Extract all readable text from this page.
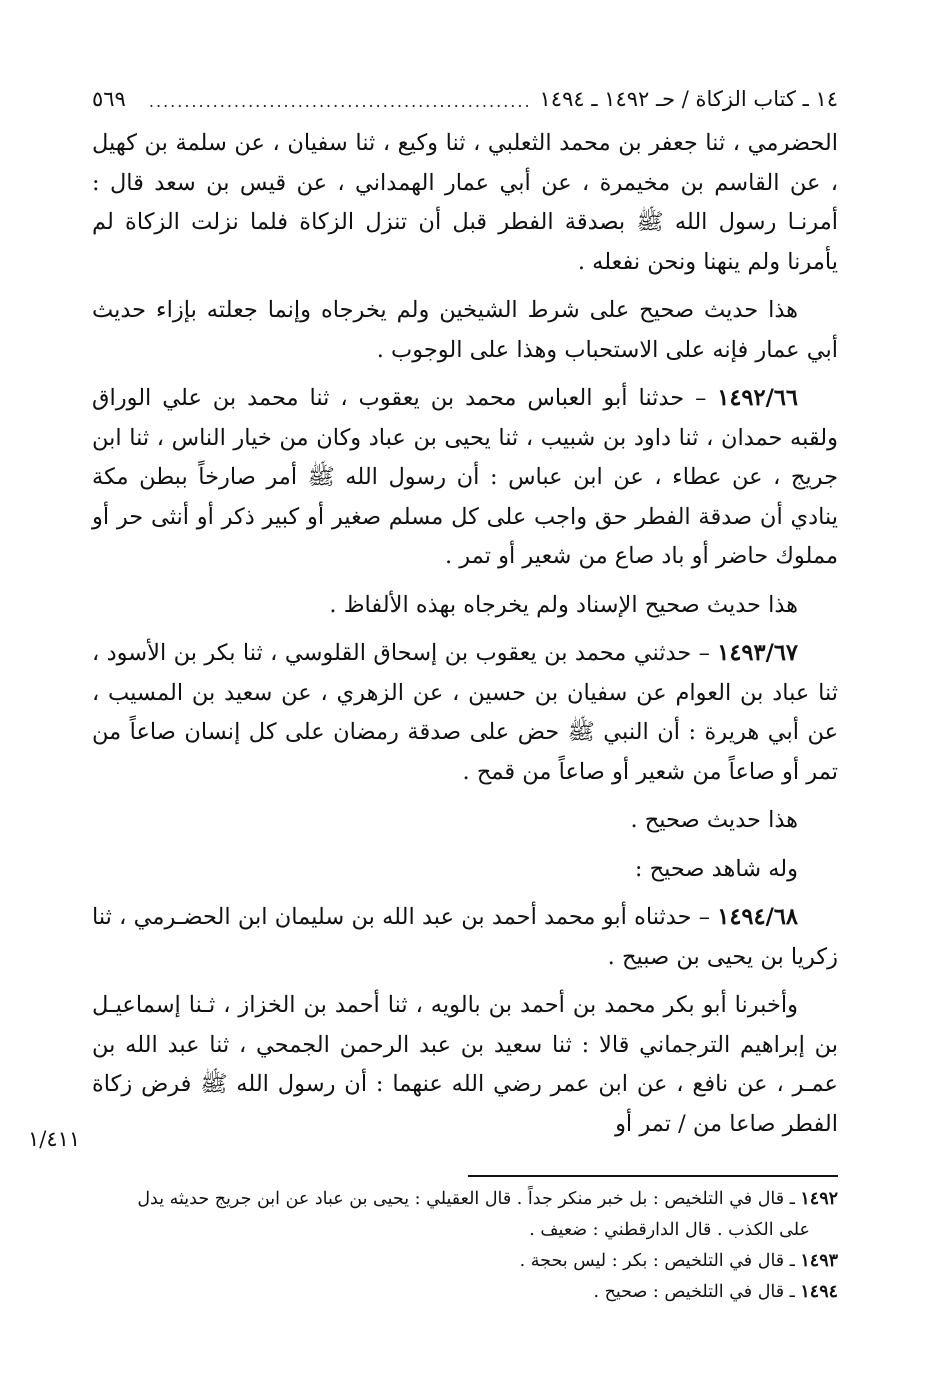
١٤ ـ كتاب الزكاة / حـ ١٤٩٢ ـ ١٤٩٤
......................................................
٥٦٩

الحضرمي ، ثنا جعفر بن محمد الثعلبي ، ثنا وكيع ، ثنا سفيان ، عن سلمة بن كهيل ، عن القاسم بن مخيمرة ، عن أبي عمار الهمداني ، عن قيس بن سعد قال : أمرنـا رسول الله ﷺ بصدقة الفطر قبل أن تنزل الزكاة فلما نزلت الزكاة لم يأمرنا ولم ينهنا ونحن نفعله .

هذا حديث صحيح على شرط الشيخين ولم يخرجاه وإنما جعلته بإزاء حديث أبي عمار فإنه على الاستحباب وهذا على الوجوب .

١٤٩٢/٦٦ – حدثنا أبو العباس محمد بن يعقوب ، ثنا محمد بن علي الوراق ولقبه حمدان ، ثنا داود بن شبيب ، ثنا يحيى بن عباد وكان من خيار الناس ، ثنا ابن جريج ، عن عطاء ، عن ابن عباس : أن رسول الله ﷺ أمر صارخاً ببطن مكة ينادي أن صدقة الفطر حق واجب على كل مسلم صغير أو كبير ذكر أو أنثى حر أو مملوك حاضر أو باد صاع من شعير أو تمر .

هذا حديث صحيح الإسناد ولم يخرجاه بهذه الألفاظ .

١٤٩٣/٦٧ – حدثني محمد بن يعقوب بن إسحاق القلوسي ، ثنا بكر بن الأسود ، ثنا عباد بن العوام عن سفيان بن حسين ، عن الزهري ، عن سعيد بن المسيب ، عن أبي هريرة : أن النبي ﷺ حض على صدقة رمضان على كل إنسان صاعاً من تمر أو صاعاً من شعير أو صاعاً من قمح .

هذا حديث صحيح .

وله شاهد صحيح :

١٤٩٤/٦٨ – حدثناه أبو محمد أحمد بن عبد الله بن سليمان ابن الحضـرمي ، ثنا زكريا بن يحيى بن صبيح .

وأخبرنا أبو بكر محمد بن أحمد بن بالويه ، ثنا أحمد بن الخزاز ، ثـنا إسماعيـل بن إبراهيم الترجماني قالا : ثنا سعيد بن عبد الرحمن الجمحي ، ثنا عبد الله بن عمـر ، عن نافع ، عن ابن عمر رضي الله عنهما : أن رسول الله ﷺ فرض زكاة الفطر صاعا من / تمر أو

١/٤١١

١٤٩٢ ـ قال في التلخيص : بل خبر منكر جداً . قال العقيلي : يحيى بن عباد عن ابن جريج حديثه يدل

على الكذب . قال الدارقطني : ضعيف .

١٤٩٣ ـ قال في التلخيص : بكر : ليس بحجة .

١٤٩٤ ـ قال في التلخيص : صحيح .
